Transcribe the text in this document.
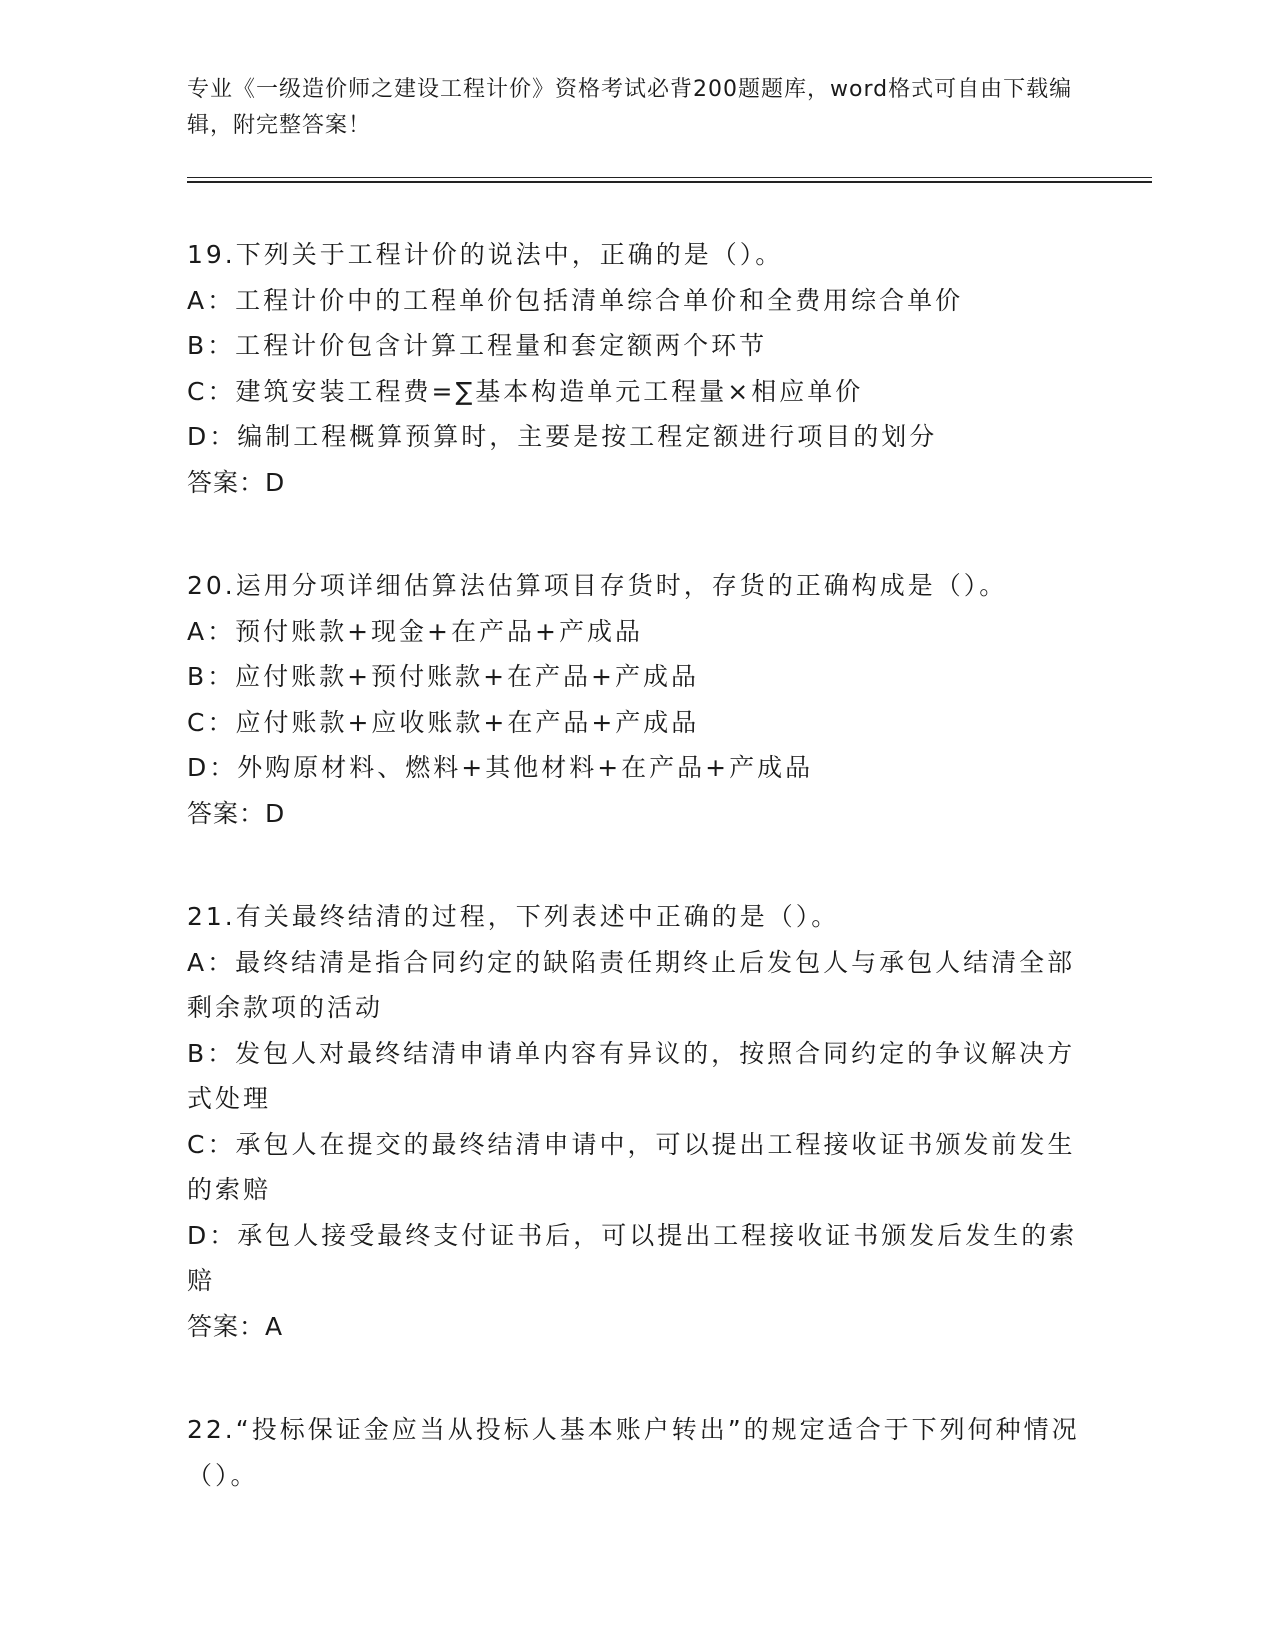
专业《一级造价师之建设工程计价》资格考试必背200题题库，word格式可自由下载编辑，附完整答案！
19.下列关于工程计价的说法中，正确的是（）。
A：工程计价中的工程单价包括清单综合单价和全费用综合单价
B：工程计价包含计算工程量和套定额两个环节
C：建筑安装工程费=∑基本构造单元工程量×相应单价
D：编制工程概算预算时，主要是按工程定额进行项目的划分
答案：D
20.运用分项详细估算法估算项目存货时，存货的正确构成是（）。
A：预付账款+现金+在产品+产成品
B：应付账款+预付账款+在产品+产成品
C：应付账款+应收账款+在产品+产成品
D：外购原材料、燃料+其他材料+在产品+产成品
答案：D
21.有关最终结清的过程，下列表述中正确的是（）。
A：最终结清是指合同约定的缺陷责任期终止后发包人与承包人结清全部剩余款项的活动
B：发包人对最终结清申请单内容有异议的，按照合同约定的争议解决方式处理
C：承包人在提交的最终结清申请中，可以提出工程接收证书颁发前发生的索赔
D：承包人接受最终支付证书后，可以提出工程接收证书颁发后发生的索赔
答案：A
22.“投标保证金应当从投标人基本账户转出”的规定适合于下列何种情况（）。
